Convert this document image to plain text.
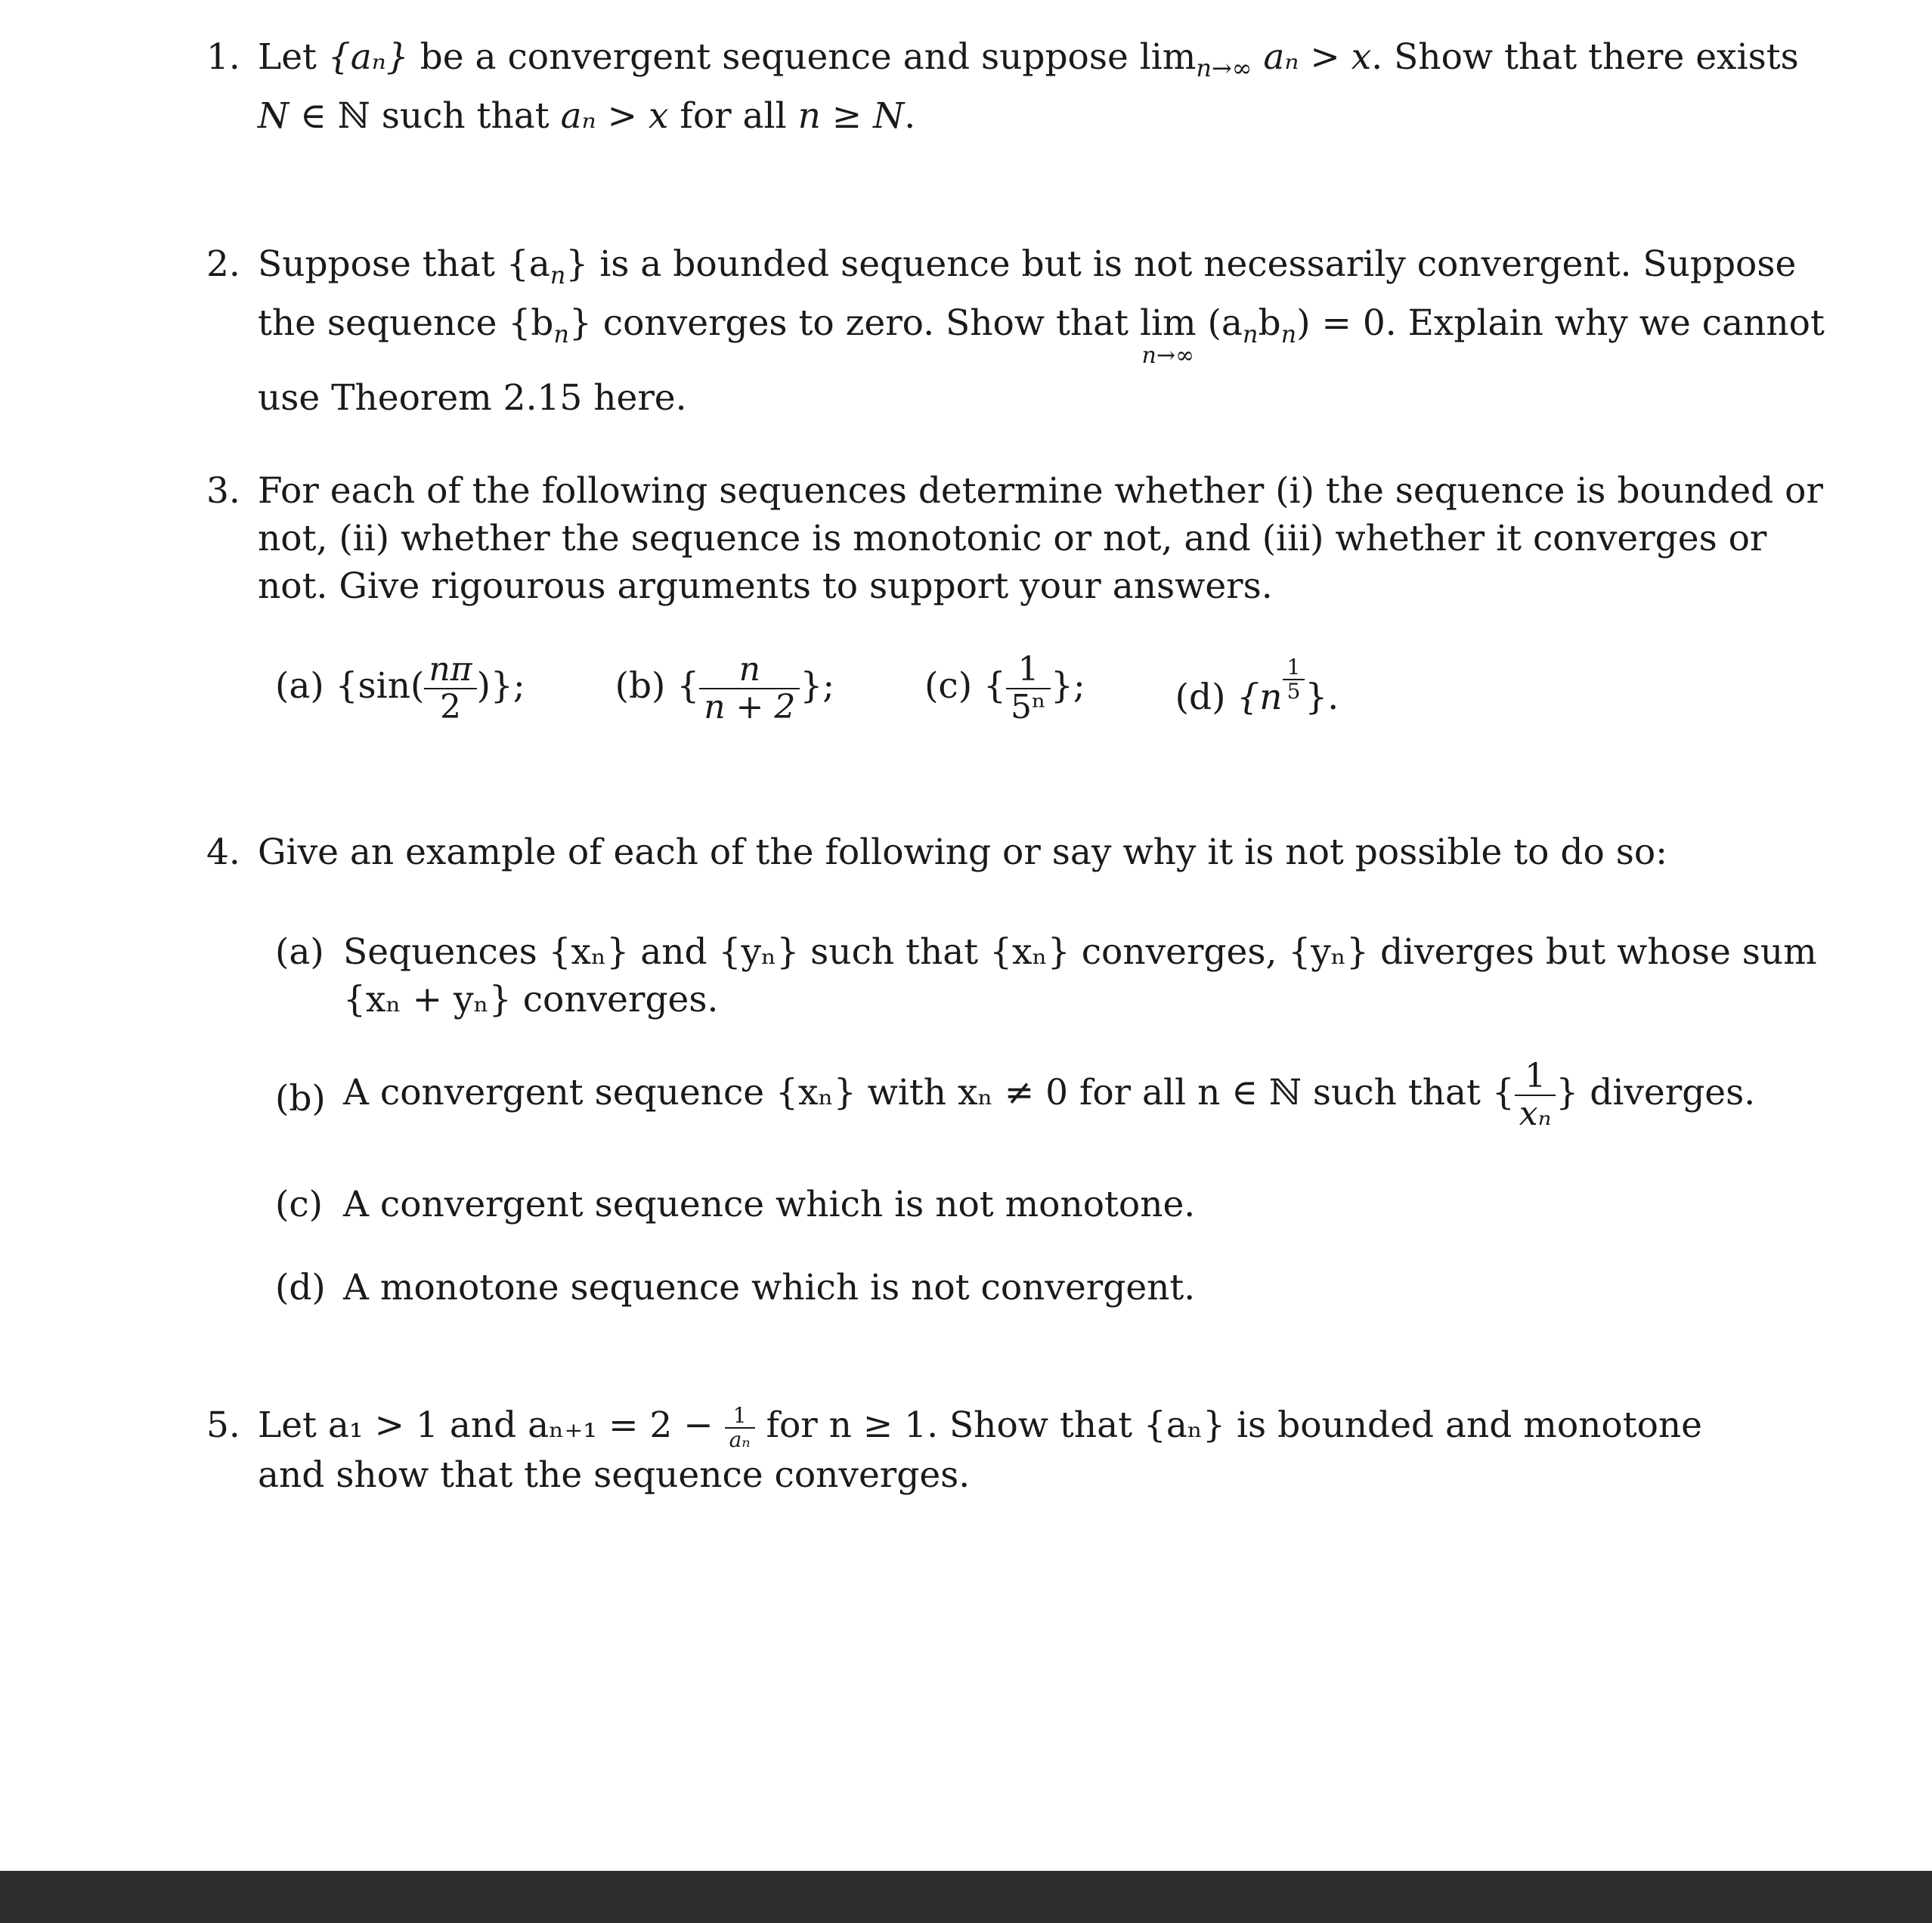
1. Let {aₙ} be a convergent sequence and suppose $\lim_{n\to\infty} a_n > x$. Show that there exists
N ∈ ℕ such that aₙ > x for all n ≥ N.
2. Suppose that $\{a_n\}$ is a bounded sequence but is not necessarily convergent. Suppose
the sequence $\{b_n\}$ converges to zero. Show that lim
n→∞
$(a_nb_n) = 0$. Explain why we cannot
use Theorem 2.15 here.
3. For each of the following sequences determine whether (i) the sequence is bounded or
not, (ii) whether the sequence is monotonic or not, and (iii) whether it converges or
not. Give rigourous arguments to support your answers.
(a) {$\sin( \frac{n\pi}{2}$ )};	(b) { $\frac{n}{n + 2}$ };	(c) { $\frac{1}{\text{5ⁿ}}$ };	(d) {$n \frac{1}{5}$ }.
4. Give an example of each of the following or say why it is not possible to do so:
(a) Sequences {xₙ} and {yₙ} such that {xₙ} converges, {yₙ} diverges but whose sum
{xₙ + yₙ} converges.
(b) A convergent sequence {xₙ} with xₙ ≠ 0 for all n ∈ ℕ such that { $\frac{1}{\text{xₙ}}$ } diverges.
(c) A convergent sequence which is not monotone.
(d) A monotone sequence which is not convergent.
5. Let a₁ > 1 and $a_{n+1} = 2 - \frac{1}{\text{aₙ}}$ for n ≥ 1. Show that {aₙ} is bounded and monotone
and show that the sequence converges.
